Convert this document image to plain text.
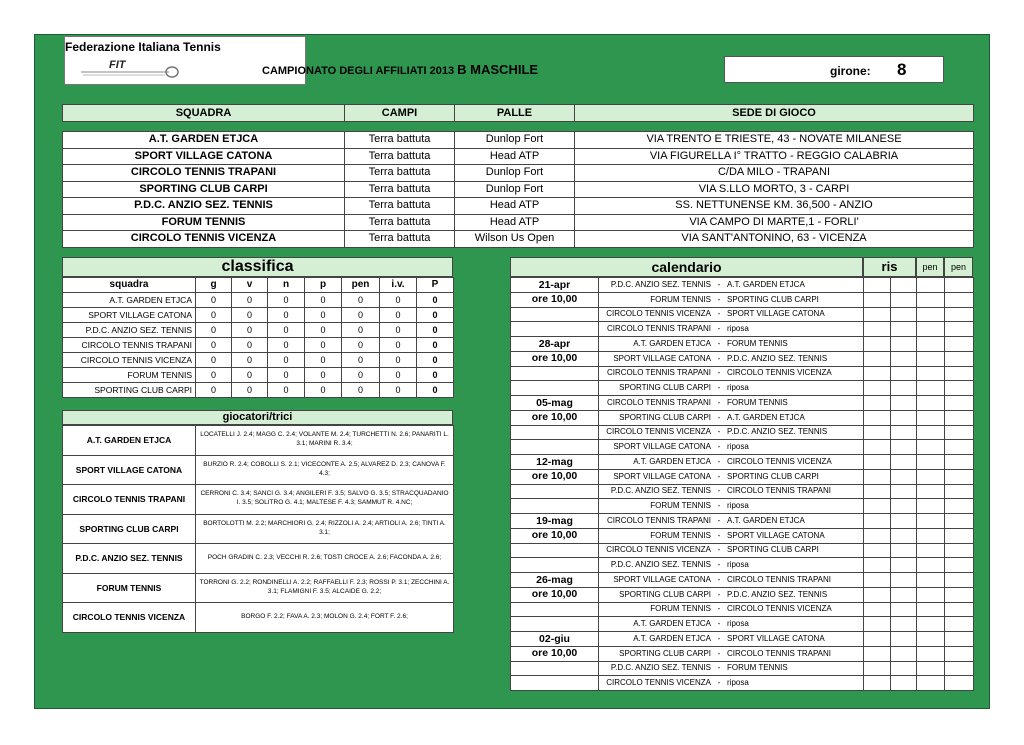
Federazione Italiana Tennis
FIT	CAMPIONATO DEGLI AFFILIATI 2013 B MASCHILE	girone: 8
SQUADRA	CAMPI	PALLE	SEDE DI GIOCO
A.T. GARDEN ETJCA	Terra battuta	Dunlop Fort	VIA TRENTO E TRIESTE, 43 - NOVATE MILANESE
SPORT VILLAGE CATONA	Terra battuta	Head ATP	VIA FIGURELLA I° TRATTO - REGGIO CALABRIA
CIRCOLO TENNIS TRAPANI	Terra battuta	Dunlop Fort	C/DA MILO - TRAPANI
SPORTING CLUB CARPI	Terra battuta	Dunlop Fort	VIA S.LLO MORTO, 3 - CARPI
P.D.C. ANZIO SEZ. TENNIS	Terra battuta	Head ATP	SS. NETTUNENSE KM. 36,500 - ANZIO
FORUM TENNIS	Terra battuta	Head ATP	VIA CAMPO DI MARTE,1 - FORLI'
CIRCOLO TENNIS VICENZA	Terra battuta	Wilson Us Open	VIA SANT'ANTONINO, 63 - VICENZA
classifica
squadra	g	v	n	p	pen	i.v.	P
A.T. GARDEN ETJCA	0	0	0	0	0	0	0
SPORT VILLAGE CATONA	0	0	0	0	0	0	0
P.D.C. ANZIO SEZ. TENNIS	0	0	0	0	0	0	0
CIRCOLO TENNIS TRAPANI	0	0	0	0	0	0	0
CIRCOLO TENNIS VICENZA	0	0	0	0	0	0	0
FORUM TENNIS	0	0	0	0	0	0	0
SPORTING CLUB CARPI	0	0	0	0	0	0	0
giocatori/trici
A.T. GARDEN ETJCA	LOCATELLI J. 2.4; MAGG C. 2.4; VOLANTE M. 2.4; TURCHETTI N. 2.6; PANARITI L. 3.1; MARINI R. 3.4;
SPORT VILLAGE CATONA	BURZIO R. 2.4; COBOLLI S. 2.1; VICECONTE A. 2.5; ALVAREZ D. 2.3; CANOVA F. 4.3;
CIRCOLO TENNIS TRAPANI	CERRONI C. 3.4; SANCI G. 3.4; ANGILERI F. 3.5; SALVO G. 3.5; STRACQUADANIO I. 3.5; SOLITRO G. 4.1; MALTESE F. 4.3; SAMMUT R. 4.NC;
SPORTING CLUB CARPI	BORTOLOTTI M. 2.2; MARCHIORI G. 2.4; RIZZOLI A. 2.4; ARTIOLI A. 2.6; TINTI A. 3.1;
P.D.C. ANZIO SEZ. TENNIS	POCH GRADIN C. 2.3; VECCHI R. 2.6; TOSTI CROCE A. 2.6; FACONDA A. 2.6;
FORUM TENNIS	TORRONI G. 2.2; RONDINELLI A. 2.2; RAFFAELLI F. 2.3; ROSSI P. 3.1; ZECCHINI A. 3.1; FLAMIGNI F. 3.5; ALCAIDE G. 2.2;
CIRCOLO TENNIS VICENZA	BORGO F. 2.2; FAVA A. 2.3; MOLON G. 2.4; FORT F. 2.6;
calendario	ris	pen	pen
21-apr	P.D.C. ANZIO SEZ. TENNIS - A.T. GARDEN ETJCA				
ore 10,00	FORUM TENNIS - SPORTING CLUB CARPI				
	CIRCOLO TENNIS VICENZA - SPORT VILLAGE CATONA				
	CIRCOLO TENNIS TRAPANI - riposa				
28-apr	A.T. GARDEN ETJCA - FORUM TENNIS				
ore 10,00	SPORT VILLAGE CATONA - P.D.C. ANZIO SEZ. TENNIS				
	CIRCOLO TENNIS TRAPANI - CIRCOLO TENNIS VICENZA				
	SPORTING CLUB CARPI - riposa				
05-mag	CIRCOLO TENNIS TRAPANI - FORUM TENNIS				
ore 10,00	SPORTING CLUB CARPI - A.T. GARDEN ETJCA				
	CIRCOLO TENNIS VICENZA - P.D.C. ANZIO SEZ. TENNIS				
	SPORT VILLAGE CATONA - riposa				
12-mag	A.T. GARDEN ETJCA - CIRCOLO TENNIS VICENZA				
ore 10,00	SPORT VILLAGE CATONA - SPORTING CLUB CARPI				
	P.D.C. ANZIO SEZ. TENNIS - CIRCOLO TENNIS TRAPANI				
	FORUM TENNIS - riposa				
19-mag	CIRCOLO TENNIS TRAPANI - A.T. GARDEN ETJCA				
ore 10,00	FORUM TENNIS - SPORT VILLAGE CATONA				
	CIRCOLO TENNIS VICENZA - SPORTING CLUB CARPI				
	P.D.C. ANZIO SEZ. TENNIS - riposa				
26-mag	SPORT VILLAGE CATONA - CIRCOLO TENNIS TRAPANI				
ore 10,00	SPORTING CLUB CARPI - P.D.C. ANZIO SEZ. TENNIS				
	FORUM TENNIS - CIRCOLO TENNIS VICENZA				
	A.T. GARDEN ETJCA - riposa				
02-giu	A.T. GARDEN ETJCA - SPORT VILLAGE CATONA				
ore 10,00	SPORTING CLUB CARPI - CIRCOLO TENNIS TRAPANI				
	P.D.C. ANZIO SEZ. TENNIS - FORUM TENNIS				
	CIRCOLO TENNIS VICENZA - riposa				
